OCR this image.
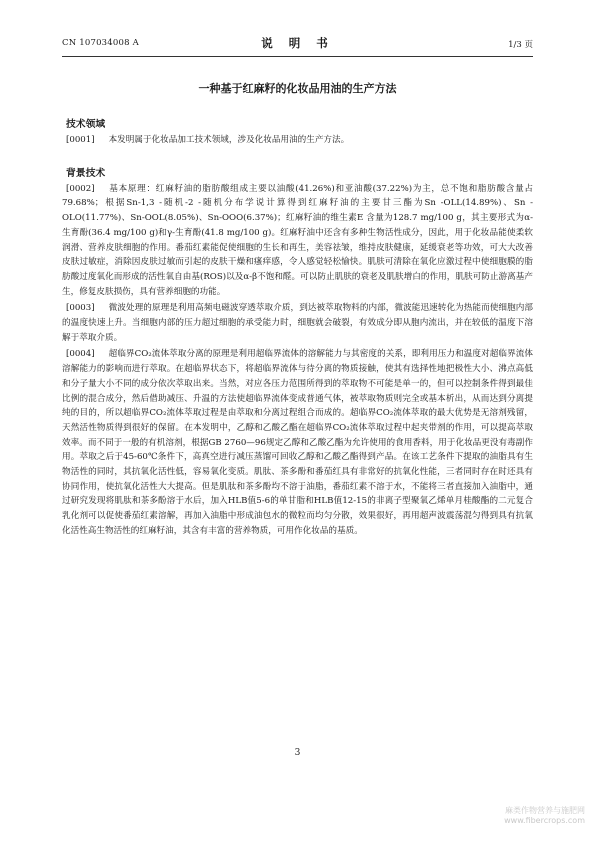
CN 107034008 A	说 明 书	1/3 页
一种基于红麻籽的化妆品用油的生产方法
技术领域

[0001] 本发明属于化妆品加工技术领域，涉及化妆品用油的生产方法。

背景技术

[0002] 基本原理：红麻籽油的脂肪酸组成主要以油酸(41.26%)和亚油酸(37.22%)为主，总不饱和脂肪酸含量占79.68%；根据Sn-1,3 -随机-2 -随机分布学说计算得到红麻籽油的主要甘三酯为Sn -OLL(14.89%)、Sn -OLO(11.77%)、Sn-OOL(8.05%)、Sn-OOO(6.37%)；红麻籽油的维生素E 含量为128.7 mg/100 g，其主要形式为α-生育酚(36.4 mg/100 g)和γ-生育酚(41.8 mg/100 g)。红麻籽油中还含有多种生物活性成分，因此，用于化妆品能使柔软润滑、营养皮肤细胞的作用。番茄红素能促使细胞的生长和再生，美容祛皱，维持皮肤健康，延缓衰老等功效，可大大改善皮肤过敏症，消除因皮肤过敏而引起的皮肤干燥和瘙痒感，令人感觉轻松愉快。肌肤可清除在氧化应激过程中使细胞膜的脂肪酸过度氧化而形成的活性氧自由基(ROS)以及α-β不饱和醛。可以防止肌肤的衰老及肌肤增白的作用，肌肤可防止游离基产生，修复皮肤损伤，具有营养细胞的功能。

[0003] 微波处理的原理是利用高频电磁波穿透萃取介质，到达被萃取物料的内部，微波能迅速转化为热能而使细胞内部的温度快速上升。当细胞内部的压力超过细胞的承受能力时，细胞就会破裂，有效成分即从胞内流出，并在较低的温度下溶解于萃取介质。

[0004] 超临界CO₂流体萃取分离的原理是利用超临界流体的溶解能力与其密度的关系，即利用压力和温度对超临界流体溶解能力的影响而进行萃取。在超临界状态下，将超临界流体与待分离的物质接触，使其有选择性地把极性大小、沸点高低和分子量大小不同的成分依次萃取出来。当然，对应各压力范围所得到的萃取物不可能是单一的，但可以控制条件得到最佳比例的混合成分，然后借助减压、升温的方法使超临界流体变成普通气体，被萃取物质则完全或基本析出，从而达到分离提纯的目的，所以超临界CO₂流体萃取过程是由萃取和分离过程组合而成的。超临界CO₂流体萃取的最大优势是无溶剂残留，天然活性物质得到很好的保留。在本发明中，乙醇和乙酸乙酯在超临界CO₂流体萃取过程中起夹带剂的作用，可以提高萃取效率。而不同于一般的有机溶剂，根据GB 2760—96规定乙醇和乙酸乙酯为允许使用的食用香料，用于化妆品更没有毒副作用。萃取之后于45-60℃条件下，高真空进行减压蒸馏可回收乙醇和乙酸乙酯得到产品。在该工艺条件下提取的油脂具有生物活性的同时，其抗氧化活性低，容易氧化变质。肌肽、茶多酚和番茄红具有非常好的抗氧化性能，三者同时存在时还具有协同作用，使抗氧化活性大大提高。但是肌肽和茶多酚均不溶于油脂，番茄红素不溶于水，不能将三者直接加入油脂中，通过研究发现将肌肽和茶多酚溶于水后，加入HLB值5-6的单甘脂和HLB值12-15的非离子型聚氧乙烯单月桂酸酯的二元复合乳化剂可以促使番茄红素溶解，再加入油脂中形成油包水的微粒而均匀分散，效果很好，再用超声波震荡混匀得到具有抗氧化活性高生物活性的红麻籽油，其含有丰富的营养物质，可用作化妆品的基质。

3
麻类作物营养与施肥网
www.fibercrops.com
